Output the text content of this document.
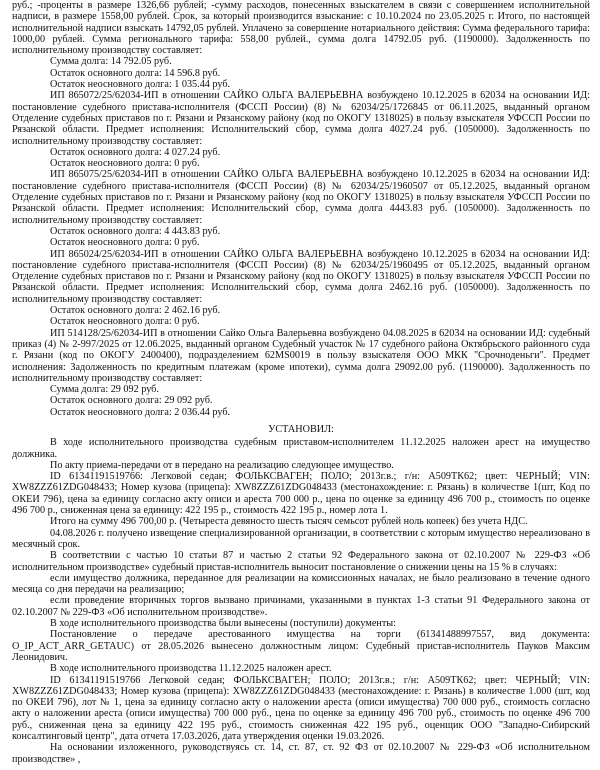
руб.; -проценты в размере 1326,66 рублей; -сумму расходов, понесенных взыскателем в связи с совершением исполнительной надписи, в размере 1558,00 рублей. Срок, за который производится взыскание: с 10.10.2024 по 23.05.2025 г. Итого, по настоящей исполнительной надписи взыскать 14792,05 рублей. Уплачено за совершение нотариального действия: Сумма федерального тарифа: 1000,00 рублей. Сумма регионального тарифа: 558,00 рублей., сумма долга 14792.05 руб. (1190000). Задолженность по исполнительному производству составляет:

Сумма долга: 14 792.05 руб.

Остаток основного долга: 14 596.8 руб.

Остаток неосновного долга: 1 035.44 руб.

ИП 865072/25/62034-ИП в отношении САЙКО ОЛЬГА ВАЛЕРЬЕВНА возбуждено 10.12.2025 в 62034 на основании ИД: постановление судебного пристава-исполнителя (ФССП России) (8) № 62034/25/1726845 от 06.11.2025, выданный органом Отделение судебных приставов по г. Рязани и Рязанскому району (код по ОКОГУ 1318025) в пользу взыскателя УФССП России по Рязанской области. Предмет исполнения: Исполнительский сбор, сумма долга 4027.24 руб. (1050000). Задолженность по исполнительному производству составляет:

Остаток основного долга: 4 027.24 руб.

Остаток неосновного долга: 0 руб.

ИП 865075/25/62034-ИП в отношении САЙКО ОЛЬГА ВАЛЕРЬЕВНА возбуждено 10.12.2025 в 62034 на основании ИД: постановление судебного пристава-исполнителя (ФССП России) (8) № 62034/25/1960507 от 05.12.2025, выданный органом Отделение судебных приставов по г. Рязани и Рязанскому району (код по ОКОГУ 1318025) в пользу взыскателя УФССП России по Рязанской области. Предмет исполнения: Исполнительский сбор, сумма долга 4443.83 руб. (1050000). Задолженность по исполнительному производству составляет:

Остаток основного долга: 4 443.83 руб.

Остаток неосновного долга: 0 руб.

ИП 865024/25/62034-ИП в отношении САЙКО ОЛЬГА ВАЛЕРЬЕВНА возбуждено 10.12.2025 в 62034 на основании ИД: постановление судебного пристава-исполнителя (ФССП России) (8) № 62034/25/1960495 от 05.12.2025, выданный органом Отделение судебных приставов по г. Рязани и Рязанскому району (код по ОКОГУ 1318025) в пользу взыскателя УФССП России по Рязанской области. Предмет исполнения: Исполнительский сбор, сумма долга 2462.16 руб. (1050000). Задолженность по исполнительному производству составляет:

Остаток основного долга: 2 462.16 руб.

Остаток неосновного долга: 0 руб.

ИП 514128/25/62034-ИП в отношении Сайко Ольга Валерьевна возбуждено 04.08.2025 в 62034 на основании ИД: судебный приказ (4) № 2-997/2025 от 12.06.2025, выданный органом Судебный участок № 17 судебного района Октябрьского районного суда г. Рязани (код по ОКОГУ 2400400), подразделением 62MS0019 в пользу взыскателя ООО МКК "Срочноденьги". Предмет исполнения: Задолженность по кредитным платежам (кроме ипотеки), сумма долга 29092.00 руб. (1190000). Задолженность по исполнительному производству составляет:

Сумма долга: 29 092 руб.

Остаток основного долга: 29 092 руб.

Остаток неосновного долга: 2 036.44 руб.

УСТАНОВИЛ:

В ходе исполнительного производства судебным приставом-исполнителем 11.12.2025 наложен арест на имущество должника.

По акту приема-передачи от в передано на реализацию следующее имущество.

ID 61341191519766: Легковой седан; ФОЛЬКСВАГЕН; ПОЛО; 2013г.в.; г/н: А509ТК62; цвет: ЧЕРНЫЙ; VIN: XW8ZZZ61ZDG048433; Номер кузова (прицепа): XW8ZZZ61ZDG048433 (местонахождение: г. Рязань) в количестве 1(шт, Код по ОКЕИ 796), цена за единицу согласно акту описи и ареста 700 000 р., цена по оценке за единицу 496 700 р., стоимость по оценке 496 700 р., сниженная цена за единицу: 422 195 р., стоимость 422 195 р., номер лота 1.

Итого на сумму 496 700,00 р. (Четыреста девяносто шесть тысяч семьсот рублей ноль копеек) без учета НДС.

04.08.2026 г. получено извещение специализированной организации, в соответствии с которым имущество нереализовано в месячный срок.

В соответствии с частью 10 статьи 87 и частью 2 статьи 92 Федерального закона от 02.10.2007 № 229-ФЗ «Об исполнительном производстве» судебный пристав-исполнитель выносит постановление о снижении цены на 15 % в случаях:

если имущество должника, переданное для реализации на комиссионных началах, не было реализовано в течение одного месяца со дня передачи на реализацию;

если проведение вторичных торгов вызвано причинами, указанными в пунктах 1-3 статьи 91 Федерального закона от 02.10.2007 № 229-ФЗ «Об исполнительном производстве».

В ходе исполнительного производства были вынесены (поступили) документы:

Постановление о передаче арестованного имущества на торги (61341488997557, вид документа: O_IP_ACT_ARR_GETAUC) от 28.05.2026 вынесено должностным лицом: Судебный пристав-исполнитель Пауков Максим Леонидович.

В ходе исполнительного производства 11.12.2025 наложен арест.

ID 61341191519766 Легковой седан; ФОЛЬКСВАГЕН; ПОЛО; 2013г.в.; г/н: А509ТК62; цвет: ЧЕРНЫЙ; VIN: XW8ZZZ61ZDG048433; Номер кузова (прицепа): XW8ZZZ61ZDG048433 (местонахождение: г. Рязань) в количестве 1.000 (шт, код по ОКЕИ 796), лот № 1, цена за единицу согласно акту о наложении ареста (описи имущества) 700 000 руб., стоимость согласно акту о наложении ареста (описи имущества) 700 000 руб., цена по оценке за единицу 496 700 руб., стоимость по оценке 496 700 руб., сниженная цена за единицу 422 195 руб., стоимость сниженная 422 195 руб., оценщик ООО "Западно-Сибирский консалтинговый центр", дата отчета 17.03.2026, дата утверждения оценки 19.03.2026.

На основании изложенного, руководствуясь ст. 14, ст. 87, ст. 92 ФЗ от 02.10.2007 № 229-ФЗ «Об исполнительном производстве» ,
